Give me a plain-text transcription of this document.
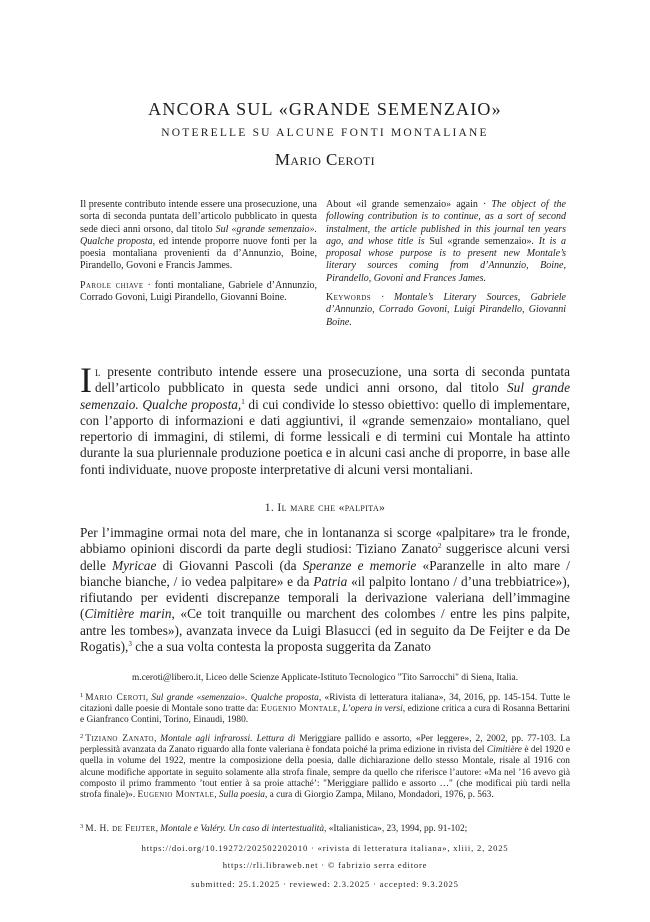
ANCORA SUL «GRANDE SEMENZAIO»
NOTERELLE SU ALCUNE FONTI MONTALIANE
Mario Ceroti

Il presente contributo intende essere una prosecuzione, una sorta di seconda puntata dell’articolo pubblicato in questa sede dieci anni orsono, dal titolo Sul «grande semenzaio». Qualche proposta, ed intende proporre nuove fonti per la poesia montaliana provenienti da d’Annunzio, Boine, Pirandello, Govoni e Francis Jammes.

Parole chiave · fonti montaliane, Gabriele d’Annunzio, Corrado Govoni, Luigi Pirandello, Giovanni Boine.

About «il grande semenzaio» again · The object of the following contribution is to continue, as a sort of second instalment, the article published in this journal ten years ago, and whose title is Sul «grande semenzaio». It is a proposal whose purpose is to present new Montale’s literary sources coming from d’Annunzio, Boine, Pirandello, Govoni and Frances James.

Keywords · Montale’s Literary Sources, Gabriele d’Annunzio, Corrado Govoni, Luigi Pirandello, Giovanni Boine.

Il presente contributo intende essere una prosecuzione, una sorta di seconda puntata dell’articolo pubblicato in questa sede undici anni orsono, dal titolo Sul grande semenzaio. Qualche proposta,$^1$ di cui condivide lo stesso obiettivo: quello di implementare, con l’apporto di informazioni e dati aggiuntivi, il «grande semenzaio» montaliano, quel repertorio di immagini, di stilemi, di forme lessicali e di termini cui Montale ha attinto durante la sua pluriennale produzione poetica e in alcuni casi anche di proporre, in base alle fonti individuate, nuove proposte interpretative di alcuni versi montaliani.

1. Il mare che «palpita»

Per l’immagine ormai nota del mare, che in lontananza si scorge «palpitare» tra le fronde, abbiamo opinioni discordi da parte degli studiosi: Tiziano Zanato$^2$ suggerisce alcuni versi delle Myricae di Giovanni Pascoli (da Speranze e memorie «Paranzelle in alto mare / bianche bianche, / io vedea palpitare» e da Patria «il palpito lontano / d’una trebbiatrice»), rifiutando per evidenti discrepanze temporali la derivazione valeriana dell’immagine (Cimitière marin, «Ce toit tranquille ou marchent des colombes / entre les pins palpite, antre les tombes»), avanzata invece da Luigi Blasucci (ed in seguito da De Feijter e da De Rogatis),$^3$ che a sua volta contesta la proposta suggerita da Zanato

m.ceroti@libero.it, Liceo delle Scienze Applicate-Istituto Tecnologico "Tito Sarrocchi" di Siena, Italia.

$^1$ Mario Ceroti, Sul grande «semenzaio». Qualche proposta, «Rivista di letteratura italiana», 34, 2016, pp. 145-154. Tutte le citazioni dalle poesie di Montale sono tratte da: Eugenio Montale, L’opera in versi, edizione critica a cura di Rosanna Bettarini e Gianfranco Contini, Torino, Einaudi, 1980.

$^2$ Tiziano Zanato, Montale agli infrarossi. Lettura di Meriggiare pallido e assorto, «Per leggere», 2, 2002, pp. 77-103. La perplessità avanzata da Zanato riguardo alla fonte valeriana è fondata poiché la prima edizione in rivista del Cimitière è del 1920 e quella in volume del 1922, mentre la composizione della poesia, dalle dichiarazione dello stesso Montale, risale al 1916 con alcune modifiche apportate in seguito solamente alla strofa finale, sempre da quello che riferisce l’autore: «Ma nel ’16 avevo già composto il primo frammento ’tout entier à sa proie attaché’: "Meriggiare pallido e assorto …" (che modificai più tardi nella strofa finale)». Eugenio Montale, Sulla poesia, a cura di Giorgio Zampa, Milano, Mondadori, 1976, p. 563.

$^3$ M. H. de Feijter, Montale e Valéry. Un caso di intertestualità, «Italianistica», 23, 1994, pp. 91-102;

https://doi.org/10.19272/202502202010 · «rivista di letteratura italiana», xliii, 2, 2025
https://rli.libraweb.net · © fabrizio serra editore
submitted: 25.1.2025 · reviewed: 2.3.2025 · accepted: 9.3.2025
